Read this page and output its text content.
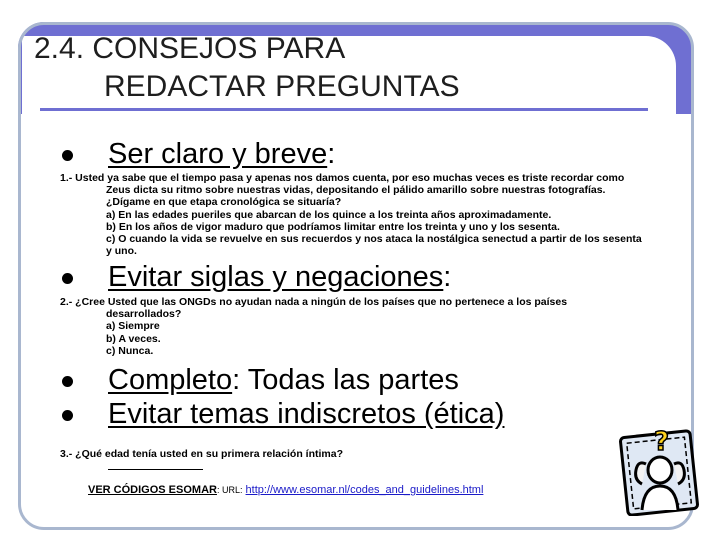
2.4. CONSEJOS PARA
REDACTAR PREGUNTAS
Ser claro y breve:
1.- Usted ya sabe que el tiempo pasa y apenas nos damos cuenta, por eso muchas veces es triste recordar como

Zeus dicta su ritmo sobre nuestras vidas, depositando el pálido amarillo sobre nuestras fotografías.
¿Dígame en que etapa cronológica se situaría?
a) En las edades pueriles que abarcan de los quince a los treinta años aproximadamente.
b) En los años de vigor maduro que podríamos limitar entre los treinta y uno y los sesenta.
c) O cuando la vida se revuelve en sus recuerdos y nos ataca la nostálgica senectud a partir de los sesenta
y uno.
Evitar siglas y negaciones:
2.- ¿Cree Usted que las ONGDs no ayudan nada a ningún de los países que no pertenece a los países

desarrollados?
a) Siempre
b) A veces.
c) Nunca.
Completo: Todas las partes
Evitar temas indiscretos (ética)
3.- ¿Qué edad tenía usted en su primera relación íntima?
VER CÓDIGOS ESOMAR: URL: http://www.esomar.nl/codes_and_guidelines.html
?
